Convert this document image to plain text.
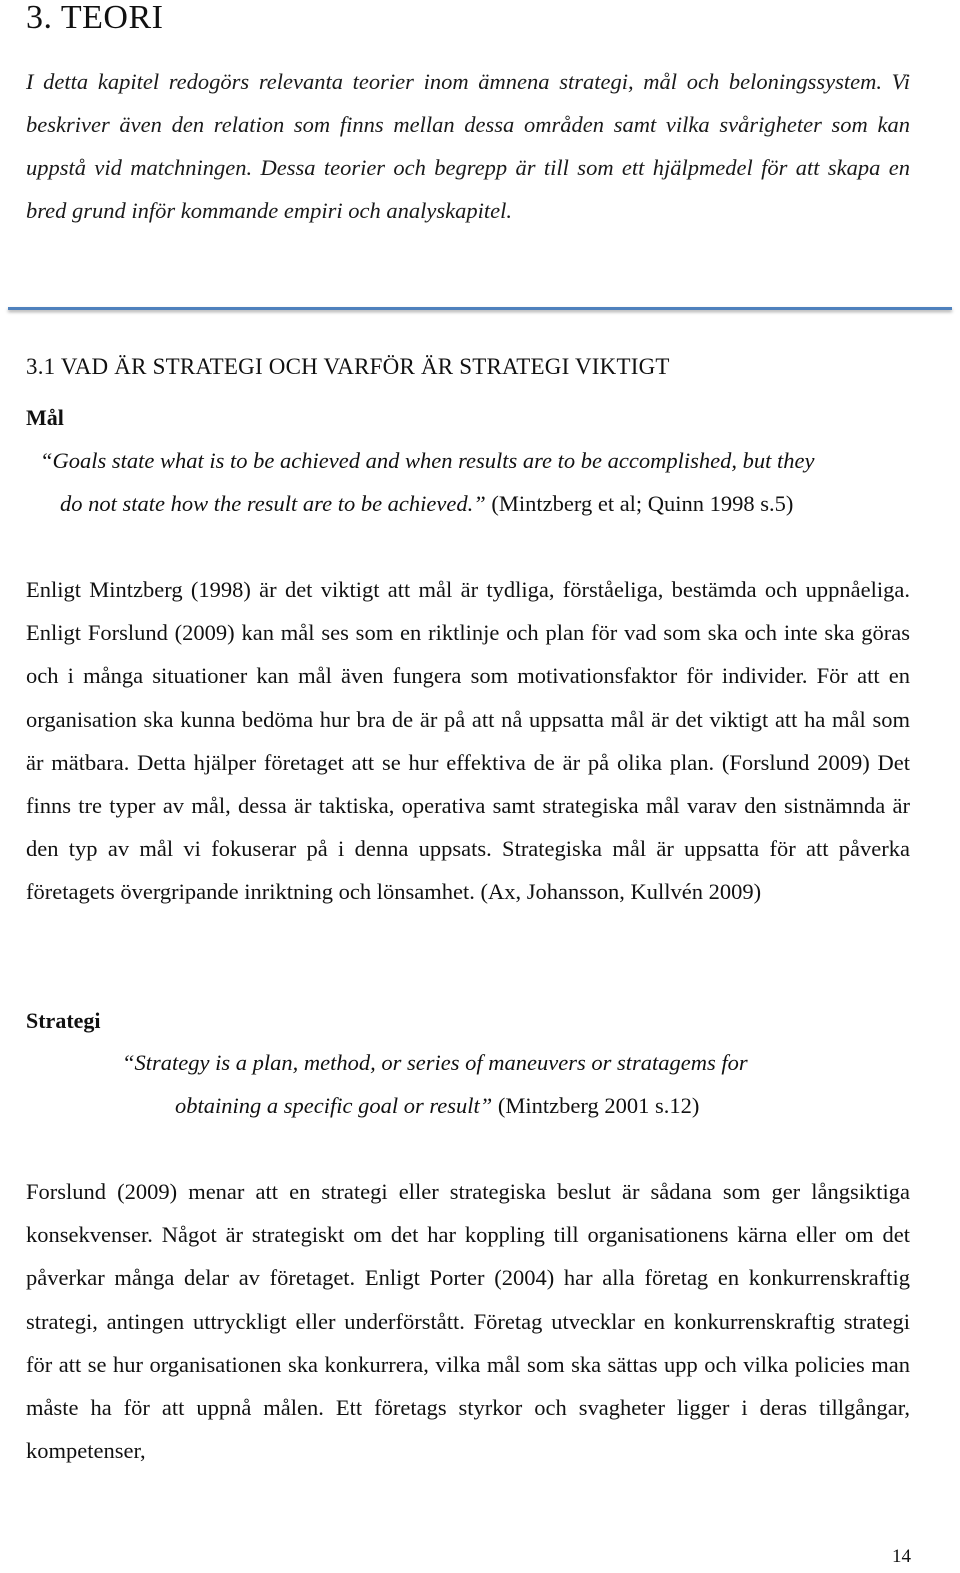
3. TEORI

I detta kapitel redogörs relevanta teorier inom ämnena strategi, mål och beloningssystem. Vi beskriver även den relation som finns mellan dessa områden samt vilka svårigheter som kan uppstå vid matchningen. Dessa teorier och begrepp är till som ett hjälpmedel för att skapa en bred grund inför kommande empiri och analyskapitel.

3.1 VAD ÄR STRATEGI OCH VARFÖR ÄR STRATEGI VIKTIGT
Mål
“Goals state what is to be achieved and when results are to be accomplished, but they
do not state how the result are to be achieved.” (Mintzberg et al; Quinn 1998 s.5)

Enligt Mintzberg (1998) är det viktigt att mål är tydliga, förståeliga, bestämda och uppnåeliga. Enligt Forslund (2009) kan mål ses som en riktlinje och plan för vad som ska och inte ska göras och i många situationer kan mål även fungera som motivationsfaktor för individer. För att en organisation ska kunna bedöma hur bra de är på att nå uppsatta mål är det viktigt att ha mål som är mätbara. Detta hjälper företaget att se hur effektiva de är på olika plan. (Forslund 2009) Det finns tre typer av mål, dessa är taktiska, operativa samt strategiska mål varav den sistnämnda är den typ av mål vi fokuserar på i denna uppsats. Strategiska mål är uppsatta för att påverka företagets övergripande inriktning och lönsamhet. (Ax, Johansson, Kullvén 2009)

Strategi
“Strategy is a plan, method, or series of maneuvers or stratagems for
obtaining a specific goal or result” (Mintzberg 2001 s.12)

Forslund (2009) menar att en strategi eller strategiska beslut är sådana som ger långsiktiga konsekvenser. Något är strategiskt om det har koppling till organisationens kärna eller om det påverkar många delar av företaget. Enligt Porter (2004) har alla företag en konkurrenskraftig strategi, antingen uttryckligt eller underförstått. Företag utvecklar en konkurrenskraftig strategi för att se hur organisationen ska konkurrera, vilka mål som ska sättas upp och vilka policies man måste ha för att uppnå målen. Ett företags styrkor och svagheter ligger i deras tillgångar, kompetenser,

14
